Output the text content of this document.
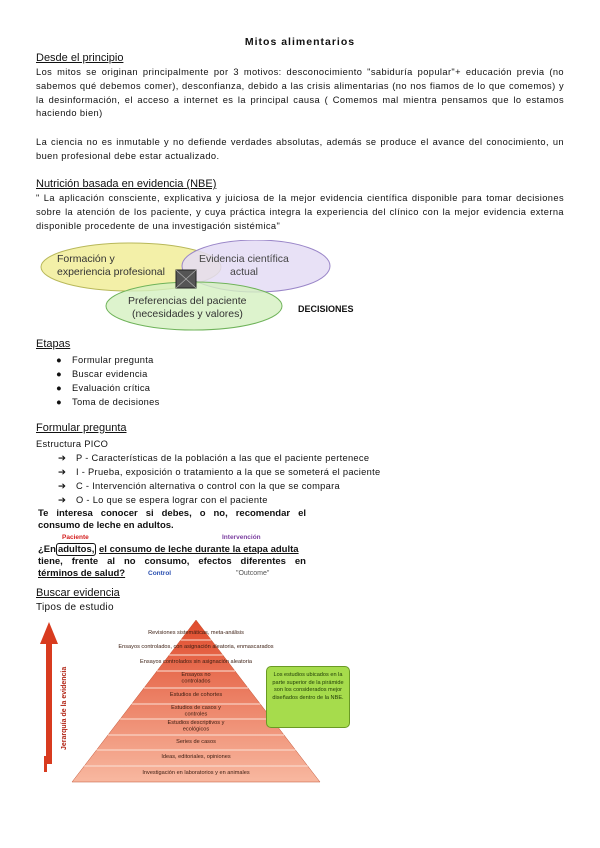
Mitos alimentarios
Desde el principio
Los mitos se originan principalmente por 3 motivos: desconocimiento "sabiduría popular"+ educación previa (no sabemos qué debemos comer), desconfianza, debido a las crisis alimentarias (no nos fiamos de lo que comemos) y la desinformación, el acceso a internet es la principal causa ( Comemos mal mientra pensamos que lo estamos haciendo bien)
La ciencia no es inmutable y no defiende verdades absolutas, además se produce el avance del conocimiento, un buen profesional debe estar actualizado.
Nutrición basada en evidencia (NBE)
" La aplicación consciente, explicativa y juiciosa de la mejor evidencia científica disponible para tomar decisiones sobre la atención de los paciente, y cuya práctica integra la experiencia del clínico con la mejor evidencia externa disponible procedente de una investigación sistémica"
Formación y
experiencia profesional
Evidencia científica
actual
Preferencias del paciente
(necesidades y valores)	DECISIONES
Etapas
● Formular pregunta
● Buscar evidencia
● Evaluación crítica
● Toma de decisiones
Formular pregunta
Estructura PICO
➔ P - Características de la población a las que el paciente pertenece
➔ I - Prueba, exposición o tratamiento a la que se someterá el paciente
➔ C - Intervención alternativa o control con la que se compara
➔ O - Lo que se espera lograr con el paciente
Te interesa conocer si debes, o no, recomendar el consumo de leche en adultos.
Paciente	Intervención
¿En adultos, el consumo de leche durante la etapa adulta
tiene, frente al no consumo, efectos diferentes en
términos de salud?	Control	"Outcome"
Buscar evidencia
Tipos de estudio
Jerarquía de la evidencia
Revisiones sistemáticas, meta-análisis
Ensayos controlados, con asignación aleatoria, enmascarados
Ensayos controlados sin asignación aleatoria
Ensayos no controlados
Estudios de cohortes
Estudios de casos y controles
Estudios descriptivos y ecológicos
Series de casos
Ideas, editoriales, opiniones
Investigación en laboratorios y en animales
Los estudios ubicados en la parte superior de la pirámide son los considerados mejor diseñados dentro de la NBE.
